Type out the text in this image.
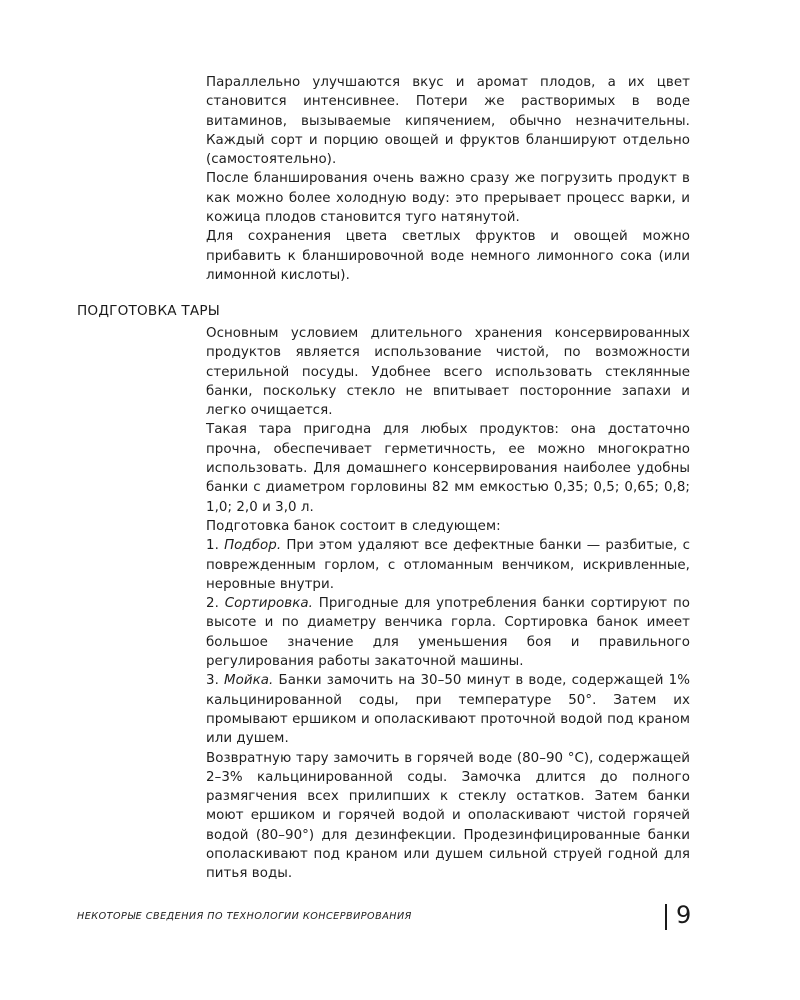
Параллельно улучшаются вкус и аромат плодов, а их цвет становится интенсивнее. Потери же растворимых в воде витаминов, вызываемые кипячением, обычно незначительны. Каждый сорт и порцию овощей и фруктов бланшируют отдельно (самостоятельно).

После бланширования очень важно сразу же погрузить продукт в как можно более холодную воду: это прерывает процесс варки, и кожица плодов становится туго натянутой.

Для сохранения цвета светлых фруктов и овощей можно прибавить к бланшировочной воде немного лимонного сока (или лимонной кислоты).

ПОДГОТОВКА ТАРЫ

Основным условием длительного хранения консервированных продуктов является использование чистой, по возможности стерильной посуды. Удобнее всего использовать стеклянные банки, поскольку стекло не впитывает посторонние запахи и легко очищается.

Такая тара пригодна для любых продуктов: она достаточно прочна, обеспечивает герметичность, ее можно многократно использовать. Для домашнего консервирования наиболее удобны банки с диаметром горловины 82 мм емкостью 0,35; 0,5; 0,65; 0,8; 1,0; 2,0 и 3,0 л.

Подготовка банок состоит в следующем:

1. Подбор. При этом удаляют все дефектные банки — разбитые, с поврежденным горлом, с отломанным венчиком, искривленные, неровные внутри.

2. Сортировка. Пригодные для употребления банки сортируют по высоте и по диаметру венчика горла. Сортировка банок имеет большое значение для уменьшения боя и правильного регулирования работы закаточной машины.

3. Мойка. Банки замочить на 30–50 минут в воде, содержащей 1% кальцинированной соды, при температуре 50°. Затем их промывают ершиком и ополаскивают проточной водой под краном или душем.

Возвратную тару замочить в горячей воде (80–90 °С), содержащей 2–3% кальцинированной соды. Замочка длится до полного размягчения всех прилипших к стеклу остатков. Затем банки моют ершиком и горячей водой и ополаскивают чистой горячей водой (80–90°) для дезинфекции. Продезинфицированные банки ополаскивают под краном или душем сильной струей годной для питья воды.

НЕКОТОРЫЕ СВЕДЕНИЯ ПО ТЕХНОЛОГИИ КОНСЕРВИРОВАНИЯ	9
